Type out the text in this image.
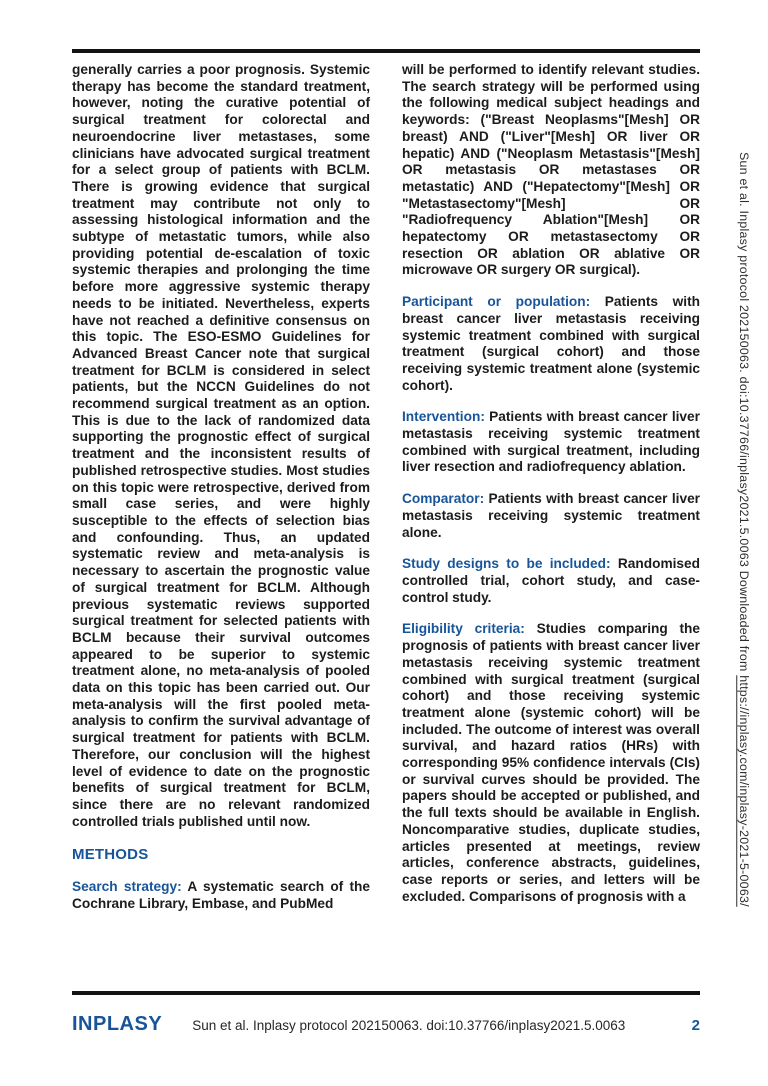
generally carries a poor prognosis. Systemic therapy has become the standard treatment, however, noting the curative potential of surgical treatment for colorectal and neuroendocrine liver metastases, some clinicians have advocated surgical treatment for a select group of patients with BCLM. There is growing evidence that surgical treatment may contribute not only to assessing histological information and the subtype of metastatic tumors, while also providing potential de-escalation of toxic systemic therapies and prolonging the time before more aggressive systemic therapy needs to be initiated. Nevertheless, experts have not reached a definitive consensus on this topic. The ESO-ESMO Guidelines for Advanced Breast Cancer note that surgical treatment for BCLM is considered in select patients, but the NCCN Guidelines do not recommend surgical treatment as an option. This is due to the lack of randomized data supporting the prognostic effect of surgical treatment and the inconsistent results of published retrospective studies. Most studies on this topic were retrospective, derived from small case series, and were highly susceptible to the effects of selection bias and confounding. Thus, an updated systematic review and meta-analysis is necessary to ascertain the prognostic value of surgical treatment for BCLM. Although previous systematic reviews supported surgical treatment for selected patients with BCLM because their survival outcomes appeared to be superior to systemic treatment alone, no meta-analysis of pooled data on this topic has been carried out. Our meta-analysis will the first pooled meta-analysis to confirm the survival advantage of surgical treatment for patients with BCLM. Therefore, our conclusion will the highest level of evidence to date on the prognostic benefits of surgical treatment for BCLM, since there are no relevant randomized controlled trials published until now.

METHODS

Search strategy: A systematic search of the Cochrane Library, Embase, and PubMed

will be performed to identify relevant studies. The search strategy will be performed using the following medical subject headings and keywords: ("Breast Neoplasms"[Mesh] OR breast) AND ("Liver"[Mesh] OR liver OR hepatic) AND ("Neoplasm Metastasis"[Mesh] OR metastasis OR metastases OR metastatic) AND ("Hepatectomy"[Mesh] OR "Metastasectomy"[Mesh] OR "Radiofrequency Ablation"[Mesh] OR hepatectomy OR metastasectomy OR resection OR ablation OR ablative OR microwave OR surgery OR surgical).

Participant or population: Patients with breast cancer liver metastasis receiving systemic treatment combined with surgical treatment (surgical cohort) and those receiving systemic treatment alone (systemic cohort).

Intervention: Patients with breast cancer liver metastasis receiving systemic treatment combined with surgical treatment, including liver resection and radiofrequency ablation.

Comparator: Patients with breast cancer liver metastasis receiving systemic treatment alone.

Study designs to be included: Randomised controlled trial, cohort study, and case-control study.

Eligibility criteria: Studies comparing the prognosis of patients with breast cancer liver metastasis receiving systemic treatment combined with surgical treatment (surgical cohort) and those receiving systemic treatment alone (systemic cohort) will be included. The outcome of interest was overall survival, and hazard ratios (HRs) with corresponding 95% confidence intervals (CIs) or survival curves should be provided. The papers should be accepted or published, and the full texts should be available in English. Noncomparative studies, duplicate studies, articles presented at meetings, review articles, conference abstracts, guidelines, case reports or series, and letters will be excluded. Comparisons of prognosis with a

Sun et al. Inplasy protocol 202150063. doi:10.37766/inplasy2021.5.0063 Downloaded from https://inplasy.com/inplasy-2021-5-0063/
INPLASY Sun et al. Inplasy protocol 202150063. doi:10.37766/inplasy2021.5.0063	2
